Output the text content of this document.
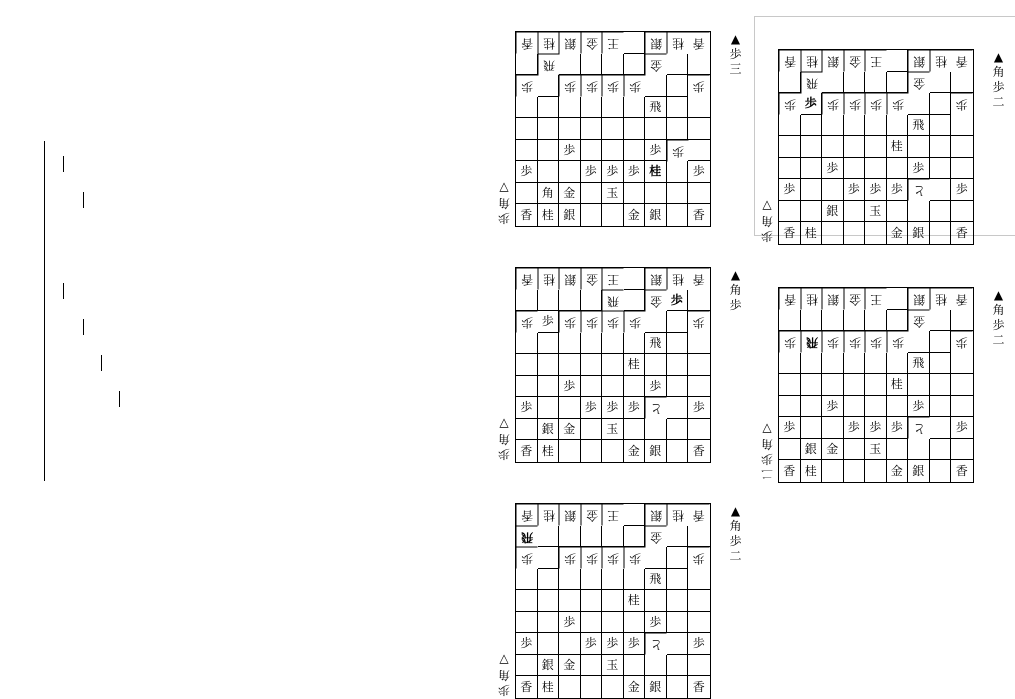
香 桂 銀 金 王	銀 桂 香
飛	金
歩	歩 歩 歩 歩	歩
飛
歩	歩 歩
歩	歩 歩 歩 桂	歩
角 金	玉
香 桂 銀	金 銀	香
▲
歩
三
歩
角
▽
香 桂 銀 金 王	銀 桂 香
飛	金
歩 歩 歩 歩 歩 歩	歩
飛
桂
歩	歩
歩	歩 歩 歩 と	歩
銀	玉
香 桂	金 銀	香
▲
角
歩
二
歩
角
▽
香 桂 銀 金 王	銀 桂 香
飛	金 歩
歩 歩 歩 歩 歩 歩	歩
飛
桂
歩	歩
歩	歩 歩 歩 と	歩
銀 金	玉
香 桂	金 銀	香
▲
角
歩
歩
角
▽
香 桂 銀 金 王	銀 桂 香
金
歩 飛 歩 歩 歩 歩	歩
飛
桂
歩	歩
歩	歩 歩 歩 と	歩
銀 金	玉
香 桂	金 銀	香
▲
角
歩
二
二
歩
角
▽
香 桂 銀 金 王	銀 桂 香
飛	金
歩	歩 歩 歩 歩	歩
飛
桂
歩	歩
歩	歩 歩 歩 と	歩
銀 金	玉
香 桂	金 銀	香
▲
角
歩
二
歩
角
▽
